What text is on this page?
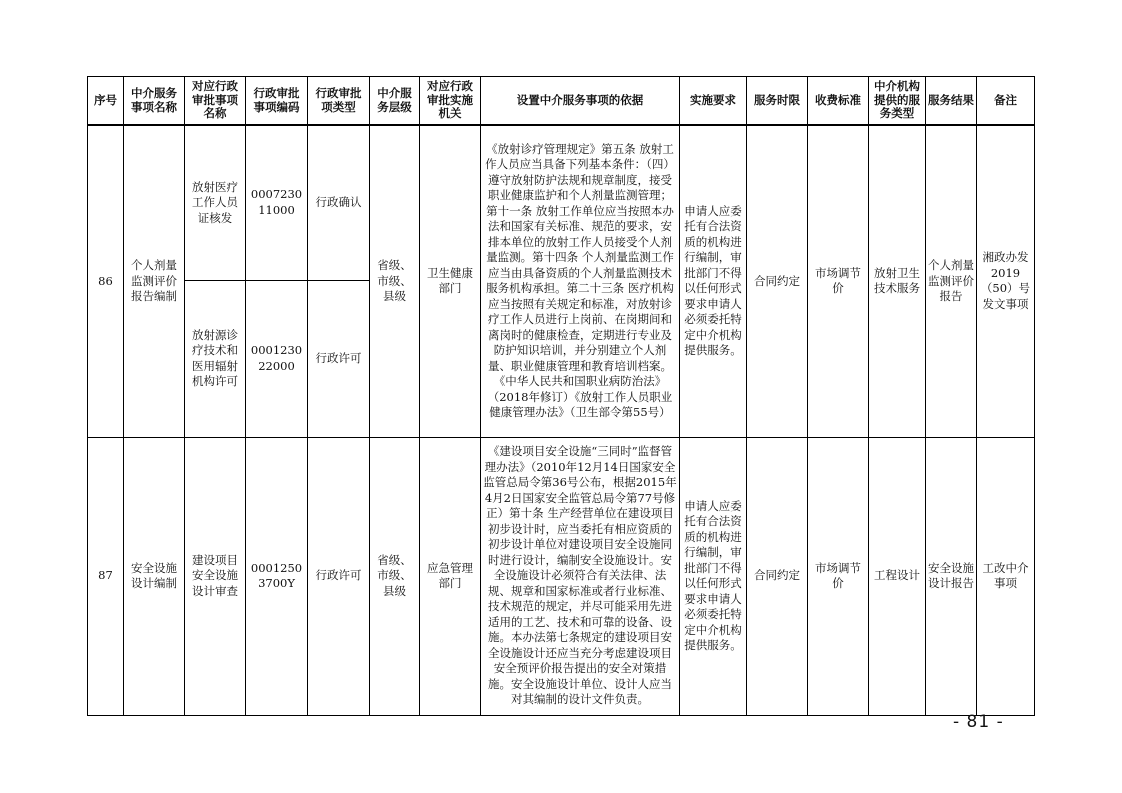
序号	中介服务事项名称	对应行政审批事项名称	行政审批事项编码	行政审批项类型	中介服务层级	对应行政审批实施机关	设置中介服务事项的依据	实施要求	服务时限	收费标准	中介机构提供的服务类型	服务结果	备注
86	个人剂量监测评价报告编制	放射医疗工作人员证核发	000723011000	行政确认	省级、市级、县级	卫生健康部门	《放射诊疗管理规定》第五条 放射工作人员应当具备下列基本条件：（四）遵守放射防护法规和规章制度，接受职业健康监护和个人剂量监测管理；第十一条 放射工作单位应当按照本办法和国家有关标准、规范的要求，安排本单位的放射工作人员接受个人剂量监测。第十四条 个人剂量监测工作应当由具备资质的个人剂量监测技术服务机构承担。第二十三条 医疗机构应当按照有关规定和标准，对放射诊疗工作人员进行上岗前、在岗期间和离岗时的健康检查，定期进行专业及防护知识培训，并分别建立个人剂量、职业健康管理和教育培训档案。《中华人民共和国职业病防治法》（2018年修订）《放射工作人员职业健康管理办法》（卫生部令第55号）	申请人应委托有合法资质的机构进行编制，审批部门不得以任何形式要求申请人必须委托特定中介机构提供服务。	合同约定	市场调节价	放射卫生技术服务	个人剂量监测评价报告	湘政办发2019（50）号发文事项
		放射源诊疗技术和医用辐射机构许可	000123022000	行政许可									
87	安全设施设计编制	建设项目安全设施设计审查	00012503700Y	行政许可	省级、市级、县级	应急管理部门	《建设项目安全设施“三同时”监督管理办法》（2010年12月14日国家安全监管总局令第36号公布，根据2015年4月2日国家安全监管总局令第77号修正）第十条 生产经营单位在建设项目初步设计时，应当委托有相应资质的初步设计单位对建设项目安全设施同时进行设计，编制安全设施设计。安全设施设计必须符合有关法律、法规、规章和国家标准或者行业标准、技术规范的规定，并尽可能采用先进适用的工艺、技术和可靠的设备、设施。本办法第七条规定的建设项目安全设施设计还应当充分考虑建设项目安全预评价报告提出的安全对策措施。安全设施设计单位、设计人应当对其编制的设计文件负责。	申请人应委托有合法资质的机构进行编制，审批部门不得以任何形式要求申请人必须委托特定中介机构提供服务。	合同约定	市场调节价	工程设计	安全设施设计报告	工改中介事项
- 81 -
